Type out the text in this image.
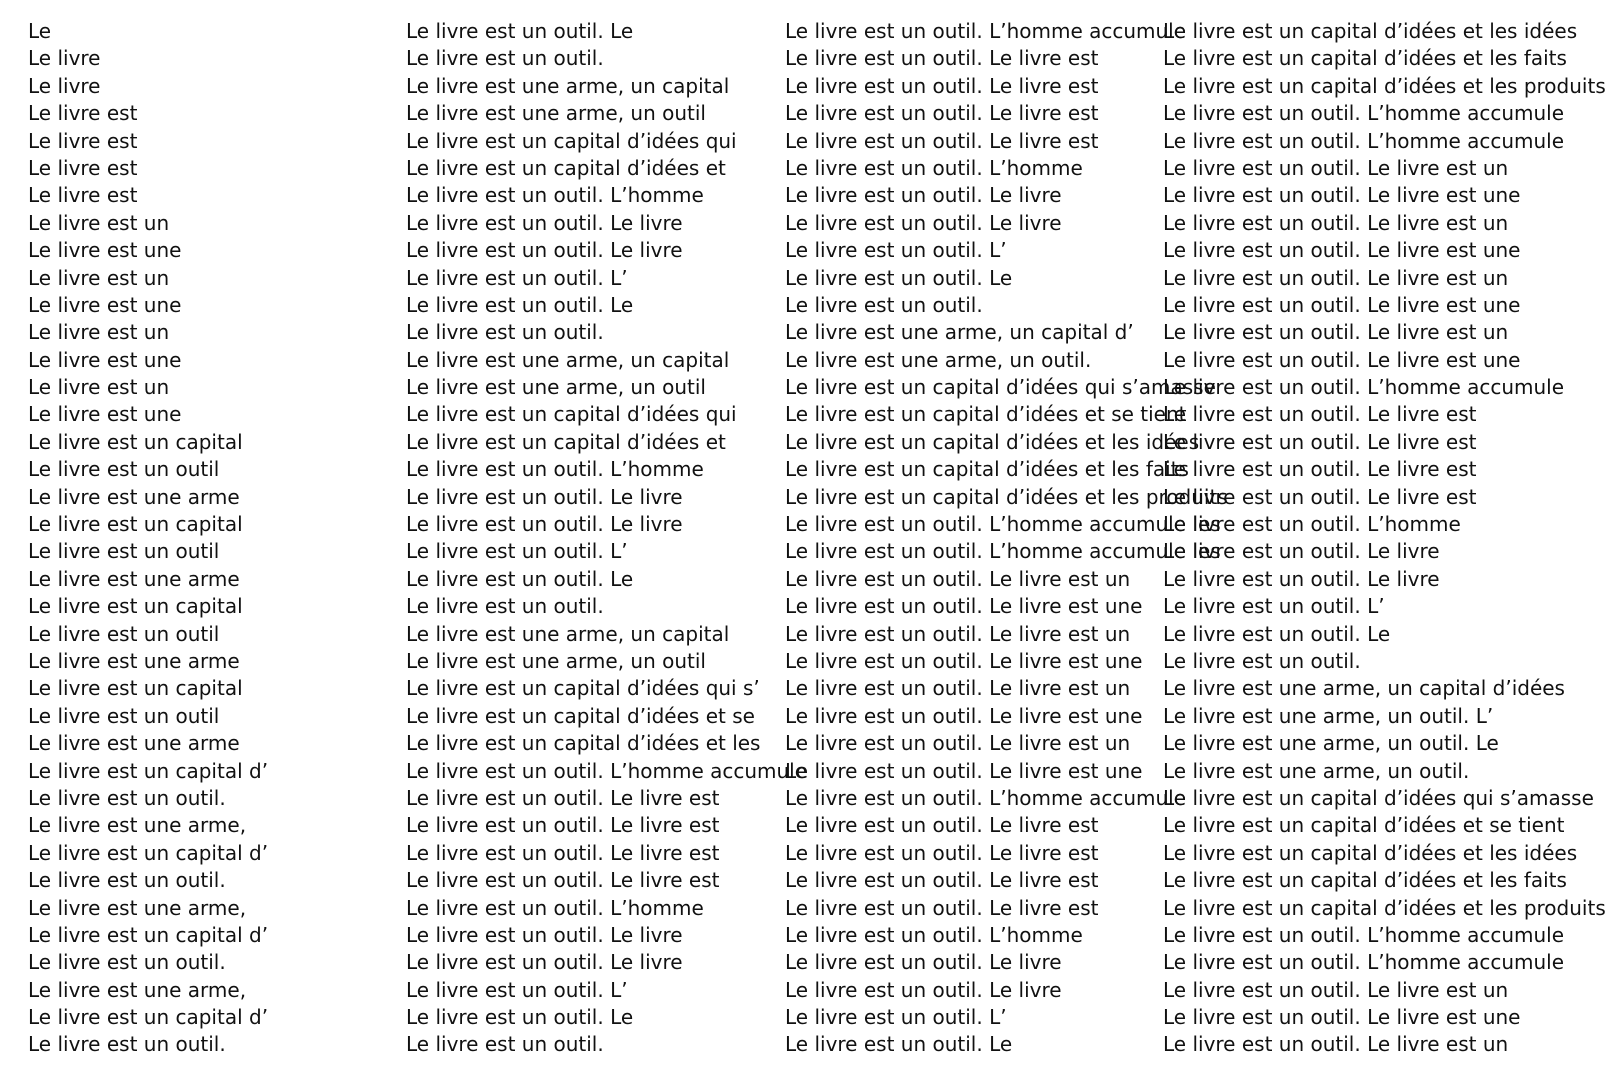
Le
Le livre
Le livre
Le livre est
Le livre est
Le livre est
Le livre est
Le livre est un
Le livre est une
Le livre est un
Le livre est une
Le livre est un
Le livre est une
Le livre est un
Le livre est une
Le livre est un capital
Le livre est un outil
Le livre est une arme
Le livre est un capital
Le livre est un outil
Le livre est une arme
Le livre est un capital
Le livre est un outil
Le livre est une arme
Le livre est un capital
Le livre est un outil
Le livre est une arme
Le livre est un capital d’
Le livre est un outil.
Le livre est une arme,
Le livre est un capital d’
Le livre est un outil.
Le livre est une arme,
Le livre est un capital d’
Le livre est un outil.
Le livre est une arme,
Le livre est un capital d’
Le livre est un outil.
Le livre est un outil. Le
Le livre est un outil.
Le livre est une arme, un capital
Le livre est une arme, un outil
Le livre est un capital d’idées qui
Le livre est un capital d’idées et
Le livre est un outil. L’homme
Le livre est un outil. Le livre
Le livre est un outil. Le livre
Le livre est un outil. L’
Le livre est un outil. Le
Le livre est un outil.
Le livre est une arme, un capital
Le livre est une arme, un outil
Le livre est un capital d’idées qui
Le livre est un capital d’idées et
Le livre est un outil. L’homme
Le livre est un outil. Le livre
Le livre est un outil. Le livre
Le livre est un outil. L’
Le livre est un outil. Le
Le livre est un outil.
Le livre est une arme, un capital
Le livre est une arme, un outil
Le livre est un capital d’idées qui s’
Le livre est un capital d’idées et se
Le livre est un capital d’idées et les
Le livre est un outil. L’homme accumule
Le livre est un outil. Le livre est
Le livre est un outil. Le livre est
Le livre est un outil. Le livre est
Le livre est un outil. Le livre est
Le livre est un outil. L’homme
Le livre est un outil. Le livre
Le livre est un outil. Le livre
Le livre est un outil. L’
Le livre est un outil. Le
Le livre est un outil.
Le livre est un outil. L’homme accumule
Le livre est un outil. Le livre est
Le livre est un outil. Le livre est
Le livre est un outil. Le livre est
Le livre est un outil. Le livre est
Le livre est un outil. L’homme
Le livre est un outil. Le livre
Le livre est un outil. Le livre
Le livre est un outil. L’
Le livre est un outil. Le
Le livre est un outil.
Le livre est une arme, un capital d’
Le livre est une arme, un outil.
Le livre est un capital d’idées qui s’amasse
Le livre est un capital d’idées et se tient
Le livre est un capital d’idées et les idées
Le livre est un capital d’idées et les faits
Le livre est un capital d’idées et les produits
Le livre est un outil. L’homme accumule les
Le livre est un outil. L’homme accumule les
Le livre est un outil. Le livre est un
Le livre est un outil. Le livre est une
Le livre est un outil. Le livre est un
Le livre est un outil. Le livre est une
Le livre est un outil. Le livre est un
Le livre est un outil. Le livre est une
Le livre est un outil. Le livre est un
Le livre est un outil. Le livre est une
Le livre est un outil. L’homme accumule
Le livre est un outil. Le livre est
Le livre est un outil. Le livre est
Le livre est un outil. Le livre est
Le livre est un outil. Le livre est
Le livre est un outil. L’homme
Le livre est un outil. Le livre
Le livre est un outil. Le livre
Le livre est un outil. L’
Le livre est un outil. Le
Le livre est un capital d’idées et les idées
Le livre est un capital d’idées et les faits
Le livre est un capital d’idées et les produits
Le livre est un outil. L’homme accumule
Le livre est un outil. L’homme accumule
Le livre est un outil. Le livre est un
Le livre est un outil. Le livre est une
Le livre est un outil. Le livre est un
Le livre est un outil. Le livre est une
Le livre est un outil. Le livre est un
Le livre est un outil. Le livre est une
Le livre est un outil. Le livre est un
Le livre est un outil. Le livre est une
Le livre est un outil. L’homme accumule
Le livre est un outil. Le livre est
Le livre est un outil. Le livre est
Le livre est un outil. Le livre est
Le livre est un outil. Le livre est
Le livre est un outil. L’homme
Le livre est un outil. Le livre
Le livre est un outil. Le livre
Le livre est un outil. L’
Le livre est un outil. Le
Le livre est un outil.
Le livre est une arme, un capital d’idées
Le livre est une arme, un outil. L’
Le livre est une arme, un outil. Le
Le livre est une arme, un outil.
Le livre est un capital d’idées qui s’amasse
Le livre est un capital d’idées et se tient
Le livre est un capital d’idées et les idées
Le livre est un capital d’idées et les faits
Le livre est un capital d’idées et les produits
Le livre est un outil. L’homme accumule
Le livre est un outil. L’homme accumule
Le livre est un outil. Le livre est un
Le livre est un outil. Le livre est une
Le livre est un outil. Le livre est un
